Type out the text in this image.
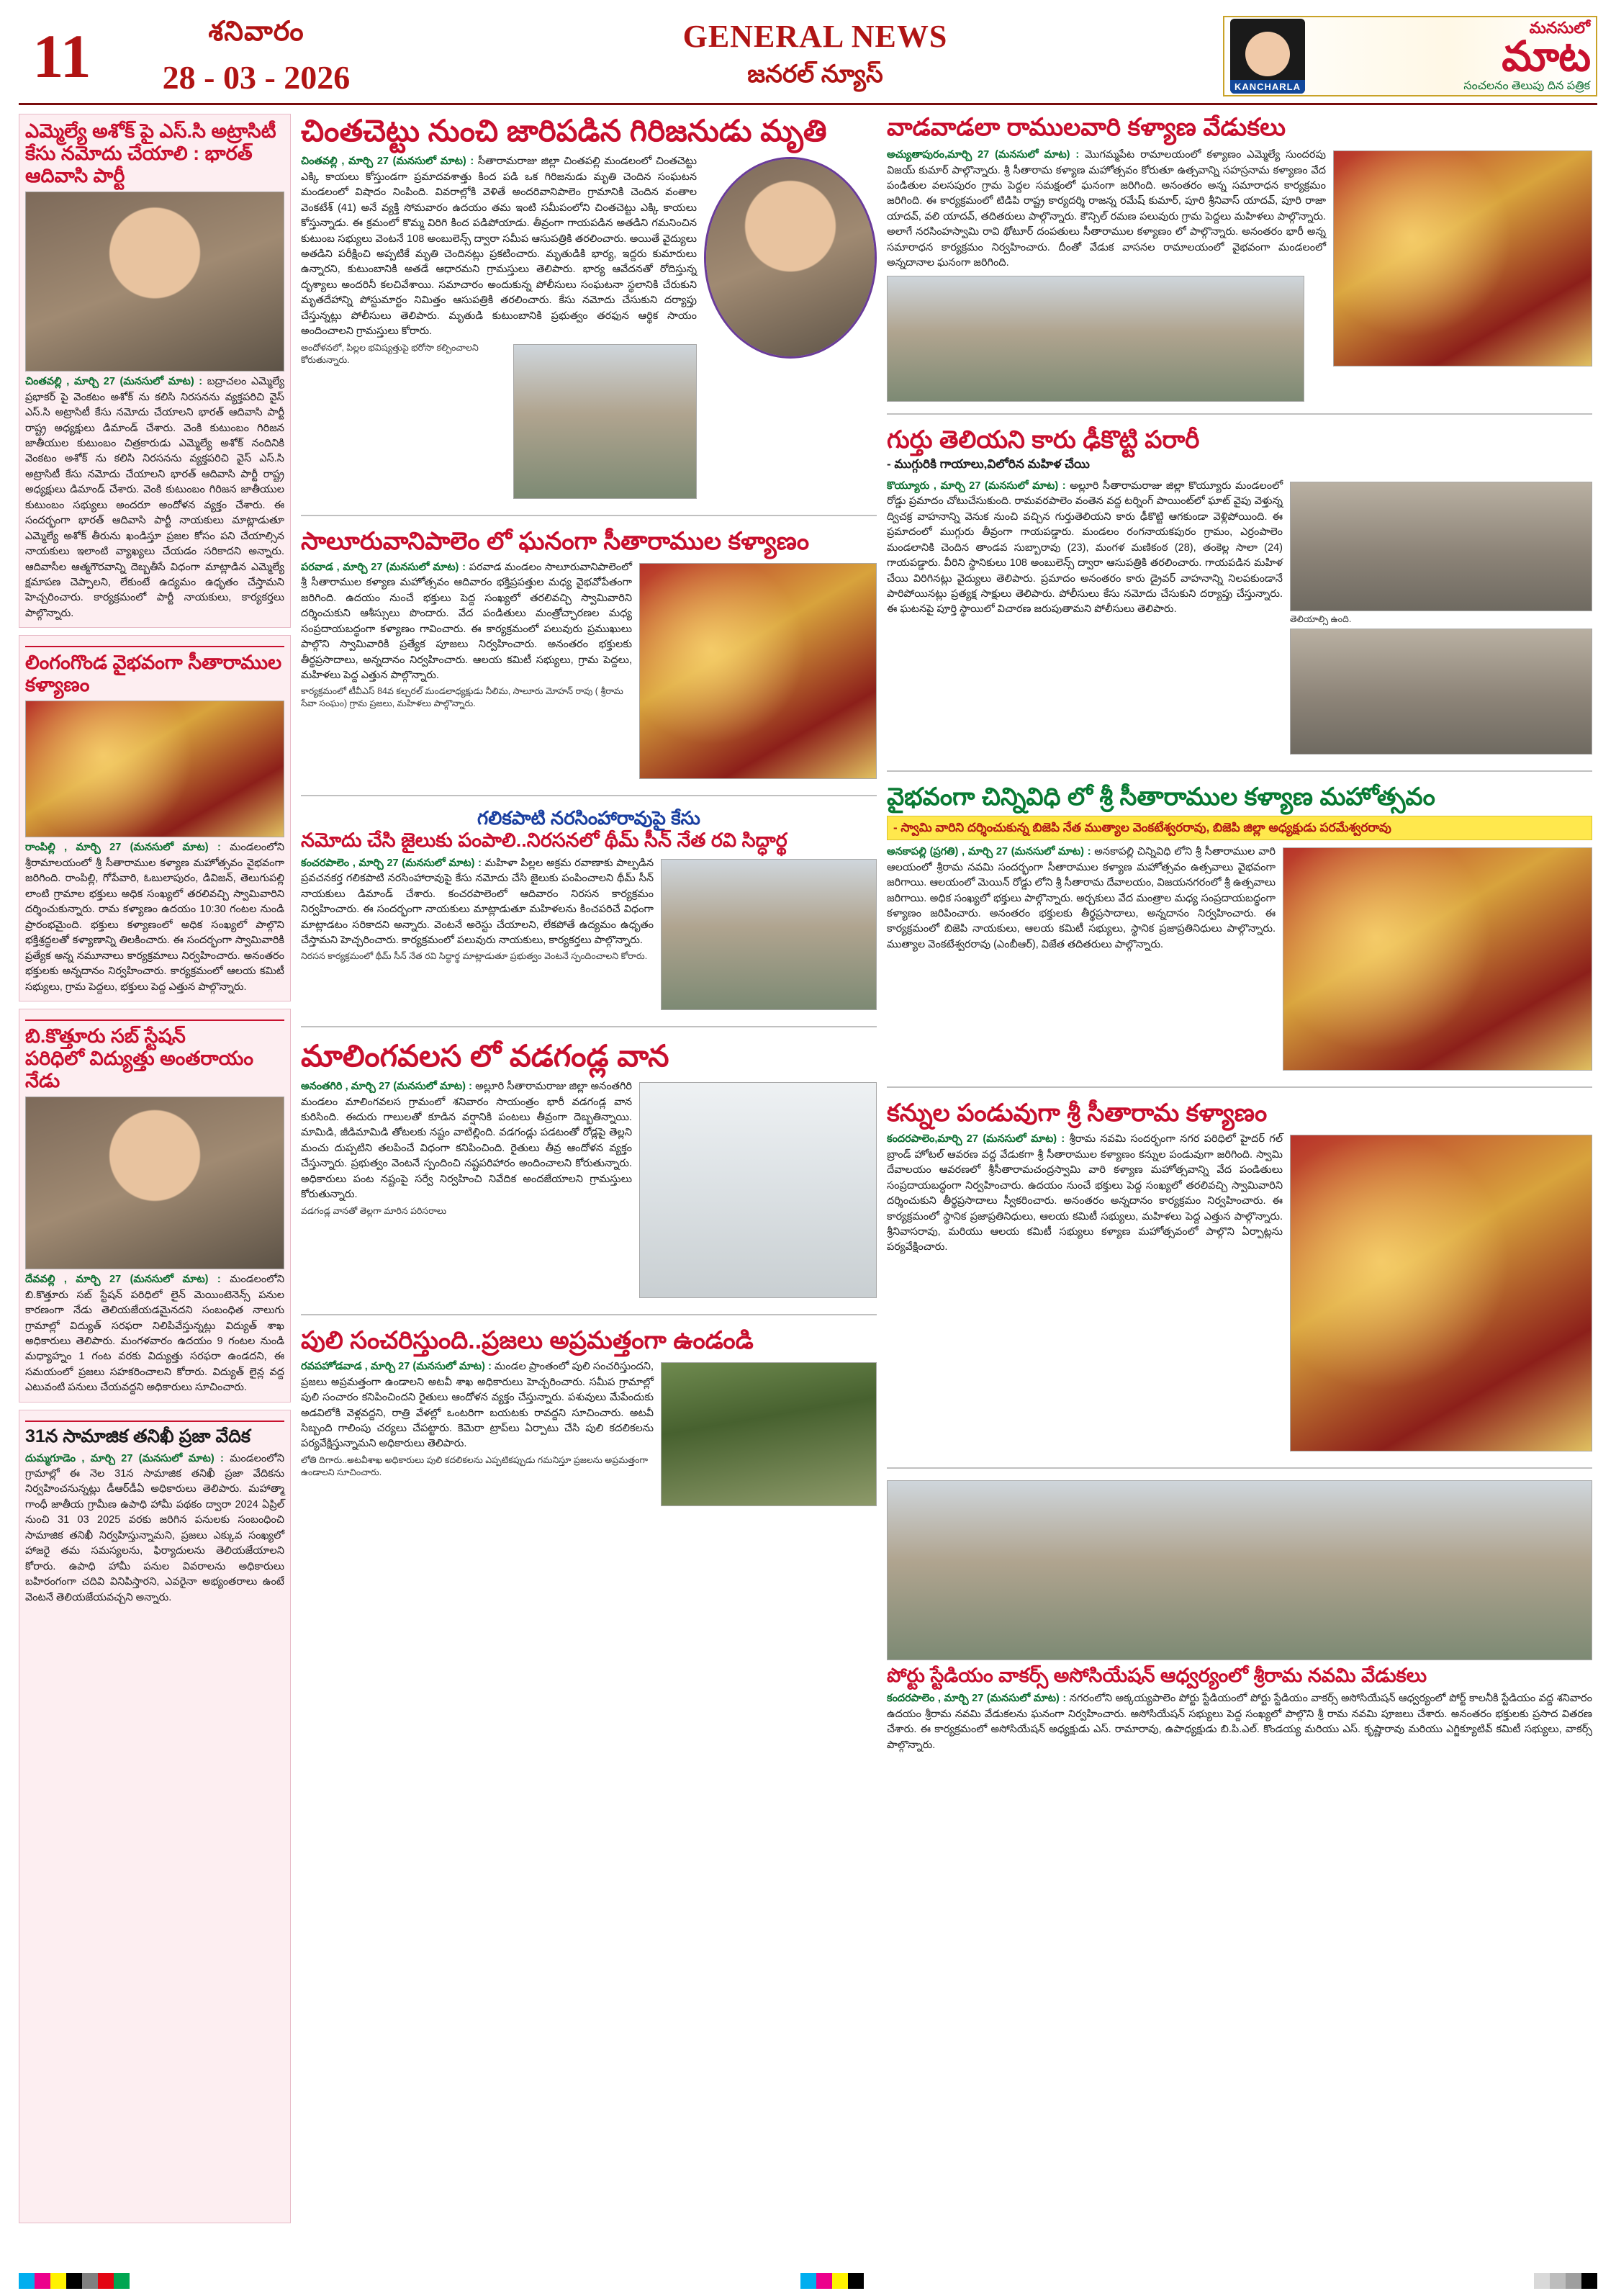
11	శనివారం
28 - 03 - 2026
GENERAL NEWS
జనరల్ న్యూస్	KANCHARLA
మనసులో
మాట
సంచలనం తెలుపు దిన పత్రిక
ఎమ్మెల్యే అశోక్ పై ఎస్.సి అట్రాసిటీ
కేసు నమోదు చేయాలి : భారత్ ఆదివాసి పార్టీ
చింతవల్లి , మార్చి 27 (మనసులో మాట) : బద్రాచలం ఎమ్మెల్యే ప్రభాకర్ పై వెంకటం అశోక్ ను కలిసి నిరసనను వ్యక్తపరిచి వైస్ ఎస్.సి అట్రాసిటీ కేసు నమోదు చేయాలని భారత్ ఆదివాసి పార్టీ రాష్ట్ర అధ్యక్షులు డిమాండ్ చేశారు. వెంకి కుటుంబం గిరిజన జాతీయుల కుటుంబం చిత్రకారుడు ఎమ్మెల్యే అశోక్ నందినికి వెంకటం అశోక్ ను కలిసి నిరసనను వ్యక్తపరిచి వైస్ ఎస్.సి అట్రాసిటీ కేసు నమోదు చేయాలని భారత్ ఆదివాసి పార్టీ రాష్ట్ర అధ్యక్షులు డిమాండ్ చేశారు. వెంకి కుటుంబం గిరిజన జాతీయుల కుటుంబం సభ్యులు అందరూ అందోళన వ్యక్తం చేశారు. ఈ సందర్భంగా భారత్ ఆదివాసి పార్టీ నాయకులు మాట్లాడుతూ ఎమ్మెల్యే అశోక్ తీరును ఖండిస్తూ ప్రజల కోసం పని చేయాల్సిన నాయకులు ఇలాంటి వ్యాఖ్యలు చేయడం సరికాదని అన్నారు. ఆదివాసీల ఆత్మగౌరవాన్ని దెబ్బతీసే విధంగా మాట్లాడిన ఎమ్మెల్యే క్షమాపణ చెప్పాలని, లేకుంటే ఉద్యమం ఉధృతం చేస్తామని హెచ్చరించారు. కార్యక్రమంలో పార్టీ నాయకులు, కార్యకర్తలు పాల్గొన్నారు.
లింగంగొండ వైభవంగా సీతారాముల కళ్యాణం
రాంపిల్లి , మార్చి 27 (మనసులో మాట) : మండలంలోని శ్రీరామాలయంలో శ్రీ సీతారాముల కళ్యాణ మహోత్సవం వైభవంగా జరిగింది. రాంపిల్లి, గోపేవారి, ఓబులాపురం, డివిజన్, తెలుగుపల్లి లాంటి గ్రామాల భక్తులు అధిక సంఖ్యలో తరలివచ్చి స్వామివారిని దర్శించుకున్నారు. రామ కళ్యాణం ఉదయం 10:30 గంటల నుండి ప్రారంభమైంది. భక్తులు కళ్యాణంలో అధిక సంఖ్యలో పాల్గొని భక్తిశ్రద్ధలతో కళ్యాణాన్ని తిలకించారు. ఈ సందర్భంగా స్వామివారికి ప్రత్యేక అన్న నమూనాలు కార్యక్రమాలు నిర్వహించారు. అనంతరం భక్తులకు అన్నదానం నిర్వహించారు. కార్యక్రమంలో ఆలయ కమిటీ సభ్యులు, గ్రామ పెద్దలు, భక్తులు పెద్ద ఎత్తున పాల్గొన్నారు.
బి.కొత్తూరు సబ్ స్టేషన్
పరిధిలో విద్యుత్తు అంతరాయం నేడు
దేవవల్లి , మార్చి 27 (మనసులో మాట) : మండలంలోని బి.కొత్తూరు సబ్ స్టేషన్ పరిధిలో లైన్ మెయింటెనెన్స్ పనుల కారణంగా నేడు తెలియజేయడమైనదని సంబంధిత నాలుగు గ్రామాల్లో విద్యుత్ సరఫరా నిలిపివేస్తున్నట్లు విద్యుత్ శాఖ అధికారులు తెలిపారు. మంగళవారం ఉదయం 9 గంటల నుండి మధ్యాహ్నం 1 గంట వరకు విద్యుత్తు సరఫరా ఉండదని, ఈ సమయంలో ప్రజలు సహకరించాలని కోరారు. విద్యుత్ లైన్ల వద్ద ఎటువంటి పనులు చేయవద్దని అధికారులు సూచించారు.
31న సామాజిక తనిఖీ ప్రజా వేదిక
దుమ్మగూడెం , మార్చి 27 (మనసులో మాట) : మండలంలోని గ్రామాల్లో ఈ నెల 31న సామాజిక తనిఖీ ప్రజా వేదికను నిర్వహించనున్నట్లు డీఆర్‌డీఏ అధికారులు తెలిపారు. మహాత్మా గాంధీ జాతీయ గ్రామీణ ఉపాధి హామీ పథకం ద్వారా 2024 ఏప్రిల్ నుంచి 31 03 2025 వరకు జరిగిన పనులకు సంబంధించి సామాజిక తనిఖీ నిర్వహిస్తున్నామని, ప్రజలు ఎక్కువ సంఖ్యలో హాజరై తమ సమస్యలను, ఫిర్యాదులను తెలియజేయాలని కోరారు. ఉపాధి హామీ పనుల వివరాలను అధికారులు బహిరంగంగా చదివి వినిపిస్తారని, ఎవరైనా అభ్యంతరాలు ఉంటే వెంటనే తెలియజేయవచ్చని అన్నారు.
చింతచెట్టు నుంచి జారిపడిన గిరిజనుడు మృతి
చింతవల్లి , మార్చి 27 (మనసులో మాట) : సీతారామరాజు జిల్లా చింతపల్లి మండలంలో చింతచెట్టు ఎక్కి కాయలు కోస్తుండగా ప్రమాదవశాత్తు కింద పడి ఒక గిరిజనుడు మృతి చెందిన సంఘటన మండలంలో విషాదం నింపింది. వివరాల్లోకి వెళితే అందరివానిపాలెం గ్రామానికి చెందిన వంతాల వెంకటేశ్ (41) అనే వ్యక్తి సోమవారం ఉదయం తమ ఇంటి సమీపంలోని చింతచెట్టు ఎక్కి కాయలు కోస్తున్నాడు. ఈ క్రమంలో కొమ్మ విరిగి కింద పడిపోయాడు. తీవ్రంగా గాయపడిన అతడిని గమనించిన కుటుంబ సభ్యులు వెంటనే 108 అంబులెన్స్ ద్వారా సమీప ఆసుపత్రికి తరలించారు. అయితే వైద్యులు అతడిని పరీక్షించి అప్పటికే మృతి చెందినట్లు ప్రకటించారు. మృతుడికి భార్య, ఇద్దరు కుమారులు ఉన్నారని, కుటుంబానికి అతడే ఆధారమని గ్రామస్తులు తెలిపారు. భార్య ఆవేదనతో రోదిస్తున్న దృశ్యాలు అందరినీ కలచివేశాయి. సమాచారం అందుకున్న పోలీసులు సంఘటనా స్థలానికి చేరుకుని మృతదేహాన్ని పోస్టుమార్టం నిమిత్తం ఆసుపత్రికి తరలించారు. కేసు నమోదు చేసుకుని దర్యాప్తు చేస్తున్నట్లు పోలీసులు తెలిపారు. మృతుడి కుటుంబానికి ప్రభుత్వం తరఫున ఆర్థిక సాయం అందించాలని గ్రామస్తులు కోరారు.
అందోళనలో, పిల్లల భవిష్యత్తుపై భరోసా కల్పించాలని కోరుతున్నారు.
సాలూరువానిపాలెం లో ఘనంగా సీతారాముల కళ్యాణం
పరవాడ , మార్చి 27 (మనసులో మాట) : పరవాడ మండలం సాలూరువానిపాలెంలో శ్రీ సీతారాముల కళ్యాణ మహోత్సవం ఆదివారం భక్తిప్రపత్తుల మధ్య వైభవోపేతంగా జరిగింది. ఉదయం నుంచే భక్తులు పెద్ద సంఖ్యలో తరలివచ్చి స్వామివారిని దర్శించుకుని ఆశీస్సులు పొందారు. వేద పండితులు మంత్రోచ్ఛారణల మధ్య సంప్రదాయబద్ధంగా కళ్యాణం గావించారు. ఈ కార్యక్రమంలో పలువురు ప్రముఖులు పాల్గొని స్వామివారికి ప్రత్యేక పూజలు నిర్వహించారు. అనంతరం భక్తులకు తీర్థప్రసాదాలు, అన్నదానం నిర్వహించారు. ఆలయ కమిటీ సభ్యులు, గ్రామ పెద్దలు, మహిళలు పెద్ద ఎత్తున పాల్గొన్నారు.
కార్యక్రమంలో టీవీఎస్ 84వ కల్చరల్ మండలాధ్యక్షుడు నీలిమ, సాలూరు మోహన్ రావు ( శ్రీరామ సేవా సంఘం) గ్రామ ప్రజలు, మహిళలు పాల్గొన్నారు.
గలికపాటి నరసింహారావుపై కేసు
నమోదు చేసి జైలుకు పంపాలి..నిరసనలో థీమ్ సీన్ నేత రవి సిద్ధార్థ
కంచరపాలెం , మార్చి 27 (మనసులో మాట) : మహిళా పిల్లల అక్రమ రవాణాకు పాల్పడిన ప్రవచనకర్త గలికపాటి నరసింహారావుపై కేసు నమోదు చేసి జైలుకు పంపించాలని థీమ్ సీన్ నాయకులు డిమాండ్ చేశారు. కంచరపాలెంలో ఆదివారం నిరసన కార్యక్రమం నిర్వహించారు. ఈ సందర్భంగా నాయకులు మాట్లాడుతూ మహిళలను కించపరిచే విధంగా మాట్లాడటం సరికాదని అన్నారు. వెంటనే అరెస్టు చేయాలని, లేకపోతే ఉద్యమం ఉధృతం చేస్తామని హెచ్చరించారు. కార్యక్రమంలో పలువురు నాయకులు, కార్యకర్తలు పాల్గొన్నారు.
నిరసన కార్యక్రమంలో థీమ్ సీన్ నేత రవి సిద్ధార్థ మాట్లాడుతూ ప్రభుత్వం వెంటనే స్పందించాలని కోరారు.
మాలింగవలస లో వడగండ్ల వాన
అనంతగిరి , మార్చి 27 (మనసులో మాట) : అల్లూరి సీతారామరాజు జిల్లా అనంతగిరి మండలం మాలింగవలస గ్రామంలో శనివారం సాయంత్రం భారీ వడగండ్ల వాన కురిసింది. ఈదురు గాలులతో కూడిన వర్షానికి పంటలు తీవ్రంగా దెబ్బతిన్నాయి. మామిడి, జీడిమామిడి తోటలకు నష్టం వాటిల్లింది. వడగండ్లు పడటంతో రోడ్లపై తెల్లని మంచు దుప్పటిని తలపించే విధంగా కనిపించింది. రైతులు తీవ్ర ఆందోళన వ్యక్తం చేస్తున్నారు. ప్రభుత్వం వెంటనే స్పందించి నష్టపరిహారం అందించాలని కోరుతున్నారు. అధికారులు పంట నష్టంపై సర్వే నిర్వహించి నివేదిక అందజేయాలని గ్రామస్తులు కోరుతున్నారు.
వడగండ్ల వానతో తెల్లగా మారిన పరిసరాలు
పులి సంచరిస్తుంది..ప్రజలు అప్రమత్తంగా ఉండండి
రవపహోడవాడ , మార్చి 27 (మనసులో మాట) : మండల ప్రాంతంలో పులి సంచరిస్తుందని, ప్రజలు అప్రమత్తంగా ఉండాలని అటవీ శాఖ అధికారులు హెచ్చరించారు. సమీప గ్రామాల్లో పులి సంచారం కనిపించిందని రైతులు ఆందోళన వ్యక్తం చేస్తున్నారు. పశువులు మేపేందుకు అడవిలోకి వెళ్లవద్దని, రాత్రి వేళల్లో ఒంటరిగా బయటకు రావద్దని సూచించారు. అటవీ సిబ్బంది గాలింపు చర్యలు చేపట్టారు. కెమెరా ట్రాప్‌లు ఏర్పాటు చేసి పులి కదలికలను పర్యవేక్షిస్తున్నామని అధికారులు తెలిపారు.
లోతి దిగారు..అటవీశాఖ అధికారులు పులి కదలికలను ఎప్పటికప్పుడు గమనిస్తూ ప్రజలను అప్రమత్తంగా ఉండాలని సూచించారు.
వాడవాడలా రాములవారి కళ్యాణ వేడుకలు
అచ్యుతాపురం,మార్చి 27 (మనసులో మాట) : మొగమ్మపేట రామాలయంలో కళ్యాణం ఎమ్మెల్యే సుందరపు విజయ్ కుమార్ పాల్గొన్నారు. శ్రీ సీతారామ కళ్యాణ మహోత్సవం కోరుతూ ఉత్సవాన్ని సహస్రనామ కళ్యాణం వేద పండితుల వలసపురం గ్రామ పెద్దల సమక్షంలో ఘనంగా జరిగింది. అనంతరం అన్న సమారాధన కార్యక్రమం జరిగింది. ఈ కార్యక్రమంలో టిడిపి రాష్ట్ర కార్యదర్శి రాజన్న రమేష్ కుమార్, పూరి శ్రీనివాస్ యాదవ్, పూరి రాజా యాదవ్, వలి యాదవ్, తదితరులు పాల్గొన్నారు. కౌన్సిల్ రమణ పలువురు గ్రామ పెద్దలు మహిళలు పాల్గొన్నారు. అలాగే నరసింహస్వామి రావి థోటూర్ దంపతులు సీతారాముల కళ్యాణం లో పాల్గొన్నారు. అనంతరం భారీ అన్న సమారాధన కార్యక్రమం నిర్వహించారు. దీంతో వేడుక వాసనల రామాలయంలో వైభవంగా మండలంలో అన్నదానాల ఘనంగా జరిగింది.
గుర్తు తెలియని కారు ఢీకొట్టి పరారీ
- ముగ్గురికి గాయాలు,విలోరిన మహిళ చేయి
తెలియాల్సి ఉంది.
కొయ్యూరు , మార్చి 27 (మనసులో మాట) : అల్లూరి సీతారామరాజు జిల్లా కొయ్యూరు మండలంలో రోడ్డు ప్రమాదం చోటుచేసుకుంది. రామవరపాలెం వంతెన వద్ద టర్నింగ్ పాయింట్‌లో ఘాట్ వైపు వెళ్తున్న ద్విచక్ర వాహనాన్ని వెనుక నుంచి వచ్చిన గుర్తుతెలియని కారు ఢీకొట్టి ఆగకుండా వెళ్లిపోయింది. ఈ ప్రమాదంలో ముగ్గురు తీవ్రంగా గాయపడ్డారు. మండలం రంగనాయకపురం గ్రామం, ఎర్రంపాలెం మండలానికి చెందిన తాండవ సుబ్బారావు (23), మంగళ మణికంఠ (28), తంకెల్ల సాలా (24) గాయపడ్డారు. వీరిని స్థానికులు 108 అంబులెన్స్ ద్వారా ఆసుపత్రికి తరలించారు. గాయపడిన మహిళ చేయి విరిగినట్లు వైద్యులు తెలిపారు. ప్రమాదం అనంతరం కారు డ్రైవర్ వాహనాన్ని నిలపకుండానే పారిపోయినట్లు ప్రత్యక్ష సాక్షులు తెలిపారు. పోలీసులు కేసు నమోదు చేసుకుని దర్యాప్తు చేస్తున్నారు. ఈ ఘటనపై పూర్తి స్థాయిలో విచారణ జరుపుతామని పోలీసులు తెలిపారు.
వైభవంగా చిన్నివిధి లో శ్రీ సీతారాముల కళ్యాణ మహోత్సవం
- స్వామి వారిని దర్శించుకున్న బిజెపి నేత ముత్యాల వెంకటేశ్వరరావు, బిజెపి జిల్లా అధ్యక్షుడు పరమేశ్వరరావు
అనకాపల్లి (ప్రగతి) , మార్చి 27 (మనసులో మాట) : అనకాపల్లి చిన్నివిధి లోని శ్రీ సీతారాముల వారి ఆలయంలో శ్రీరామ నవమి సందర్భంగా సీతారాముల కళ్యాణ మహోత్సవం ఉత్సవాలు వైభవంగా జరిగాయి. ఆలయంలో మెయిన్ రోడ్డు లోని శ్రీ సీతారామ దేవాలయం, విజయనగరంలో శ్రీ ఉత్సవాలు జరిగాయి. అధిక సంఖ్యలో భక్తులు పాల్గొన్నారు. అర్చకులు వేద మంత్రాల మధ్య సంప్రదాయబద్ధంగా కళ్యాణం జరిపించారు. అనంతరం భక్తులకు తీర్థప్రసాదాలు, అన్నదానం నిర్వహించారు. ఈ కార్యక్రమంలో బిజెపి నాయకులు, ఆలయ కమిటీ సభ్యులు, స్థానిక ప్రజాప్రతినిధులు పాల్గొన్నారు. ముత్యాల వెంకటేశ్వరరావు (ఎంబీఆర్), విజేత తదితరులు పాల్గొన్నారు.
కన్నుల పండువుగా శ్రీ సీతారామ కళ్యాణం
కందరపాలెం,మార్చి 27 (మనసులో మాట) : శ్రీరామ నవమి సందర్భంగా నగర పరిధిలో హైదర్ గల్ బ్రాండ్ హోటల్ ఆవరణ వద్ద వేడుకగా శ్రీ సీతారాముల కళ్యాణం కన్నుల పండువుగా జరిగింది. స్వామి దేవాలయం ఆవరణలో శ్రీసీతారామచంద్రస్వామి వారి కళ్యాణ మహోత్సవాన్ని వేద పండితులు సంప్రదాయబద్ధంగా నిర్వహించారు. ఉదయం నుంచే భక్తులు పెద్ద సంఖ్యలో తరలివచ్చి స్వామివారిని దర్శించుకుని తీర్థప్రసాదాలు స్వీకరించారు. అనంతరం అన్నదానం కార్యక్రమం నిర్వహించారు. ఈ కార్యక్రమంలో స్థానిక ప్రజాప్రతినిధులు, ఆలయ కమిటీ సభ్యులు, మహిళలు పెద్ద ఎత్తున పాల్గొన్నారు. శ్రీనివాసరావు, మరియు ఆలయ కమిటీ సభ్యులు కళ్యాణ మహోత్సవంలో పాల్గొని ఏర్పాట్లను పర్యవేక్షించారు.
పోర్టు స్టేడియం వాకర్స్ అసోసియేషన్ ఆధ్వర్యంలో శ్రీరామ నవమి వేడుకలు
కందరపాలెం , మార్చి 27 (మనసులో మాట) : నగరంలోని అక్కయ్యపాలెం పోర్టు స్టేడియంలో పోర్టు స్టేడియం వాకర్స్ అసోసియేషన్ ఆధ్వర్యంలో పోర్ట్ కాలనీకి స్టేడియం వద్ద శనివారం ఉదయం శ్రీరామ నవమి వేడుకలను ఘనంగా నిర్వహించారు. అసోసియేషన్ సభ్యులు పెద్ద సంఖ్యలో పాల్గొని శ్రీ రామ నవమి పూజలు చేశారు. అనంతరం భక్తులకు ప్రసాద వితరణ చేశారు. ఈ కార్యక్రమంలో అసోసియేషన్ అధ్యక్షుడు ఎస్. రామారావు, ఉపాధ్యక్షుడు బి.పి.ఎల్. కొండయ్య మరియు ఎస్. కృష్ణారావు మరియు ఎగ్జిక్యూటివ్ కమిటీ సభ్యులు, వాకర్స్ పాల్గొన్నారు.
